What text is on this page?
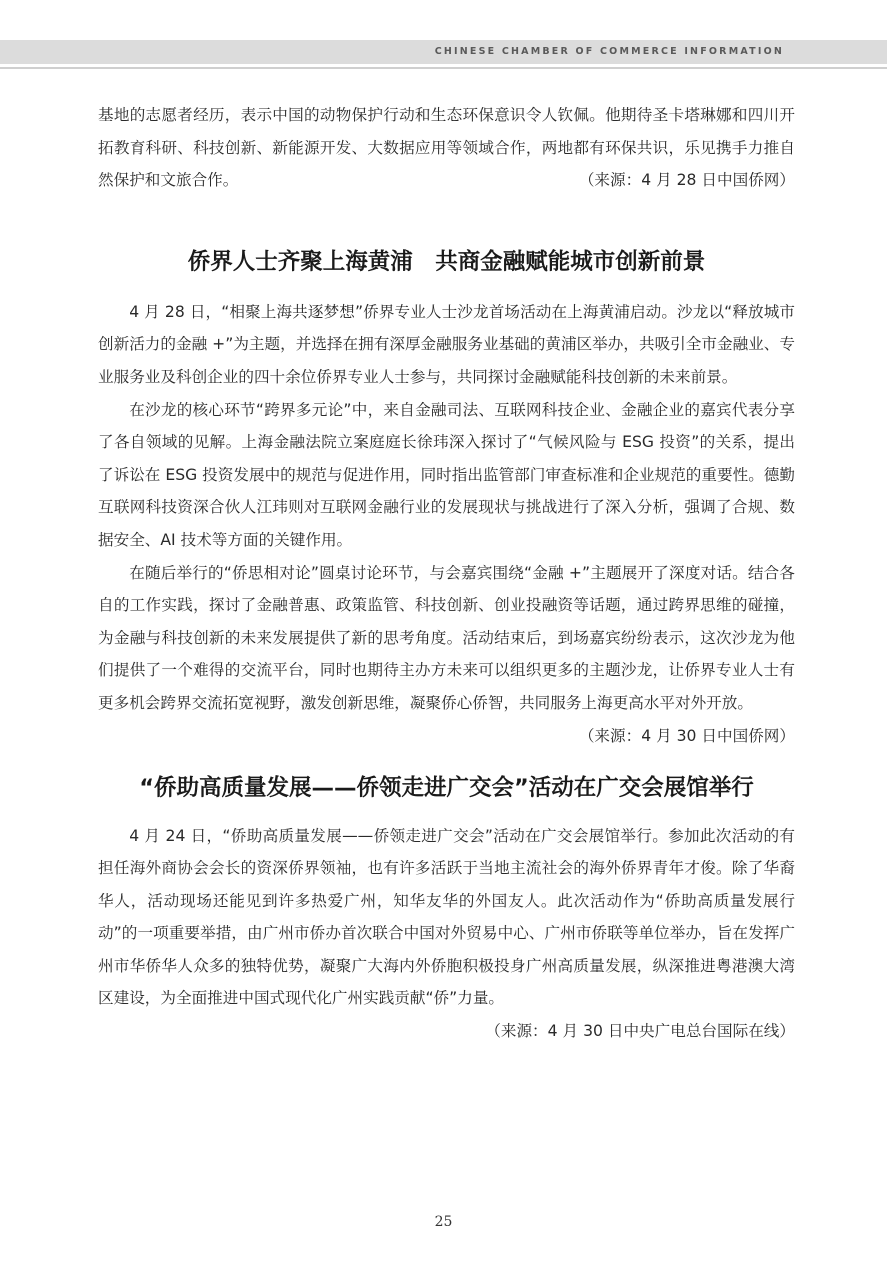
CHINESE CHAMBER OF COMMERCE INFORMATION

基地的志愿者经历，表示中国的动物保护行动和生态环保意识令人钦佩。他期待圣卡塔琳娜和四川开拓教育科研、科技创新、新能源开发、大数据应用等领域合作，两地都有环保共识，乐见携手力推自然保护和文旅合作。	（来源：4 月 28 日中国侨网）

侨界人士齐聚上海黄浦　共商金融赋能城市创新前景

4 月 28 日，“相聚上海共逐梦想”侨界专业人士沙龙首场活动在上海黄浦启动。沙龙以“释放城市创新活力的金融 +”为主题，并选择在拥有深厚金融服务业基础的黄浦区举办，共吸引全市金融业、专业服务业及科创企业的四十余位侨界专业人士参与，共同探讨金融赋能科技创新的未来前景。

在沙龙的核心环节“跨界多元论”中，来自金融司法、互联网科技企业、金融企业的嘉宾代表分享了各自领域的见解。上海金融法院立案庭庭长徐玮深入探讨了“气候风险与 ESG 投资”的关系，提出了诉讼在 ESG 投资发展中的规范与促进作用，同时指出监管部门审查标准和企业规范的重要性。德勤互联网科技资深合伙人江玮则对互联网金融行业的发展现状与挑战进行了深入分析，强调了合规、数据安全、AI 技术等方面的关键作用。

在随后举行的“侨思相对论”圆桌讨论环节，与会嘉宾围绕“金融 +”主题展开了深度对话。结合各自的工作实践，探讨了金融普惠、政策监管、科技创新、创业投融资等话题，通过跨界思维的碰撞，为金融与科技创新的未来发展提供了新的思考角度。活动结束后，到场嘉宾纷纷表示，这次沙龙为他们提供了一个难得的交流平台，同时也期待主办方未来可以组织更多的主题沙龙，让侨界专业人士有更多机会跨界交流拓宽视野，激发创新思维，凝聚侨心侨智，共同服务上海更高水平对外开放。
（来源：4 月 30 日中国侨网）

“侨助高质量发展——侨领走进广交会”活动在广交会展馆举行

4 月 24 日，“侨助高质量发展——侨领走进广交会”活动在广交会展馆举行。参加此次活动的有担任海外商协会会长的资深侨界领袖，也有许多活跃于当地主流社会的海外侨界青年才俊。除了华裔华人，活动现场还能见到许多热爱广州，知华友华的外国友人。此次活动作为“侨助高质量发展行动”的一项重要举措，由广州市侨办首次联合中国对外贸易中心、广州市侨联等单位举办，旨在发挥广州市华侨华人众多的独特优势，凝聚广大海内外侨胞积极投身广州高质量发展，纵深推进粤港澳大湾区建设，为全面推进中国式现代化广州实践贡献“侨”力量。
（来源：4 月 30 日中央广电总台国际在线）

25
